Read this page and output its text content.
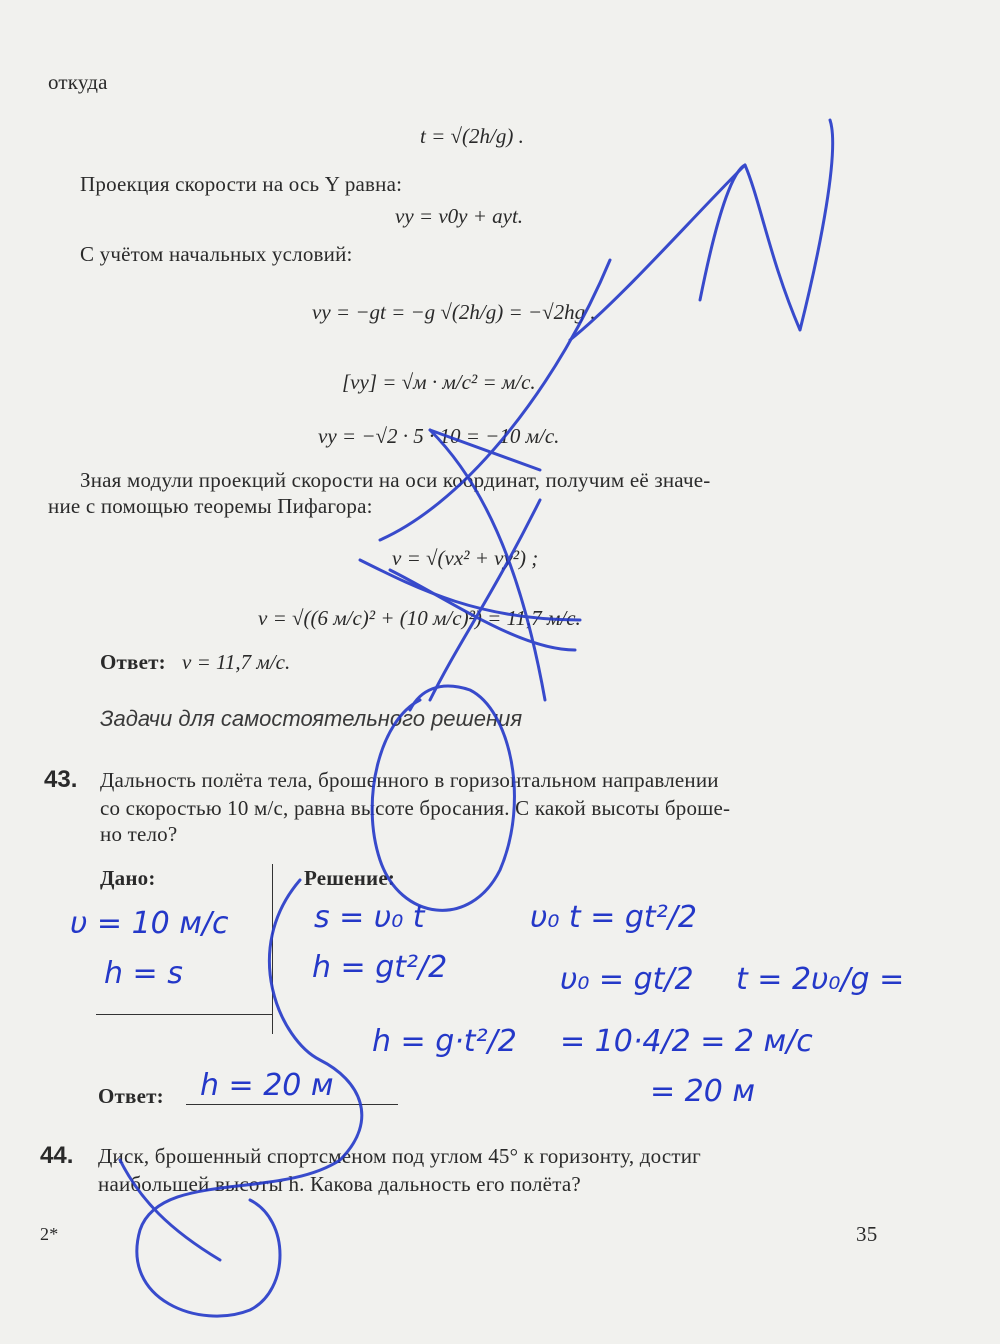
откуда
t = √(2h/g) .
Проекция скорости на ось Y равна:
vy = v0y + ayt.
С учётом начальных условий:
vy = −gt = −g √(2h/g) = −√2hg .
[vy] = √м · м/с² = м/с.
vy = −√2 · 5 · 10 = −10 м/с.
Зная модули проекций скорости на оси координат, получим её значе-
ние с помощью теоремы Пифагора:
v = √(vx² + vy²) ;
v = √((6 м/с)² + (10 м/с)²) = 11,7 м/с.
Ответ: v = 11,7 м/с.
Задачи для самостоятельного решения
43. Дальность полёта тела, брошенного в горизонтальном направлении
со скоростью 10 м/с, равна высоте бросания. С какой высоты броше-
но тело?
Дано:	Решение:
Ответ:
44. Диск, брошенный спортсменом под углом 45° к горизонту, достиг
наибольшей высоты h. Какова дальность его полёта?
2*	35
υ = 10 м/с
h = s
s = υ₀ t
h = gt²/2
υ₀ t = gt²/2
υ₀ = gt/2 t = 2υ₀/g =
h = g·t²/2 = 10·4/2 = 2 м/с
= 20 м
h = 20 м
